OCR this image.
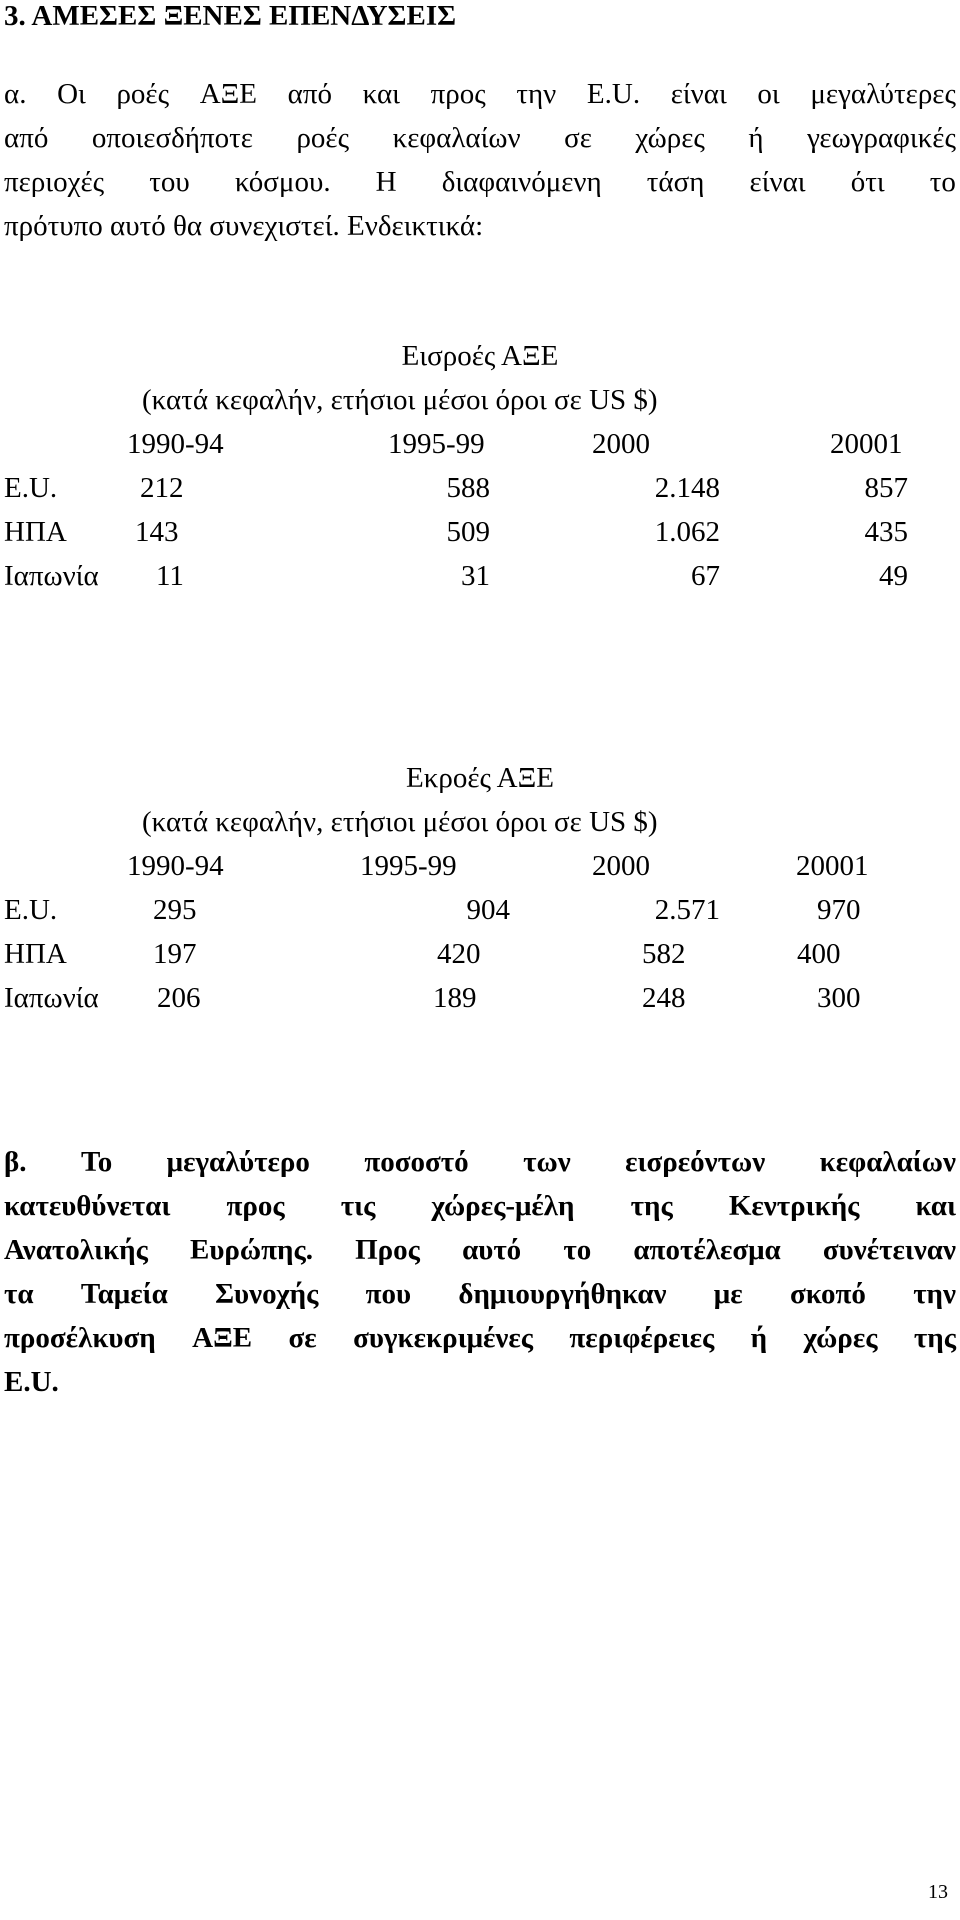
3. ΑΜΕΣΕΣ ΞΕΝΕΣ ΕΠΕΝΔΥΣΕΙΣ
α. Οι ροές ΑΞΕ από και προς την E.U. είναι οι μεγαλύτερες
από οποιεσδήποτε ροές κεφαλαίων σε χώρες ή γεωγραφικές
περιοχές του κόσμου. Η διαφαινόμενη τάση είναι ότι το
πρότυπο αυτό θα συνεχιστεί. Ενδεικτικά:
Εισροές ΑΞΕ
(κατά κεφαλήν, ετήσιοι μέσοι όροι σε US $)
1990-94	1995-99	2000	20001
E.U.	212	588	2.148	857
ΗΠΑ 143	509	1.062	435
Ιαπωνία 11	31	67	49
Εκροές ΑΞΕ
(κατά κεφαλήν, ετήσιοι μέσοι όροι σε US $)
1990-94	1995-99	2000	20001
E.U.	295	904	2.571	970
ΗΠΑ	197	420	582	400
Ιαπωνία 206	189	248	300
β. Το μεγαλύτερο ποσοστό των εισρεόντων κεφαλαίων
κατευθύνεται προς τις χώρες-μέλη της Κεντρικής και
Ανατολικής Ευρώπης. Προς αυτό το αποτέλεσμα συνέτειναν
τα Ταμεία Συνοχής που δημιουργήθηκαν με σκοπό την
προσέλκυση ΑΞΕ σε συγκεκριμένες περιφέρειες ή χώρες της
E.U.
13
